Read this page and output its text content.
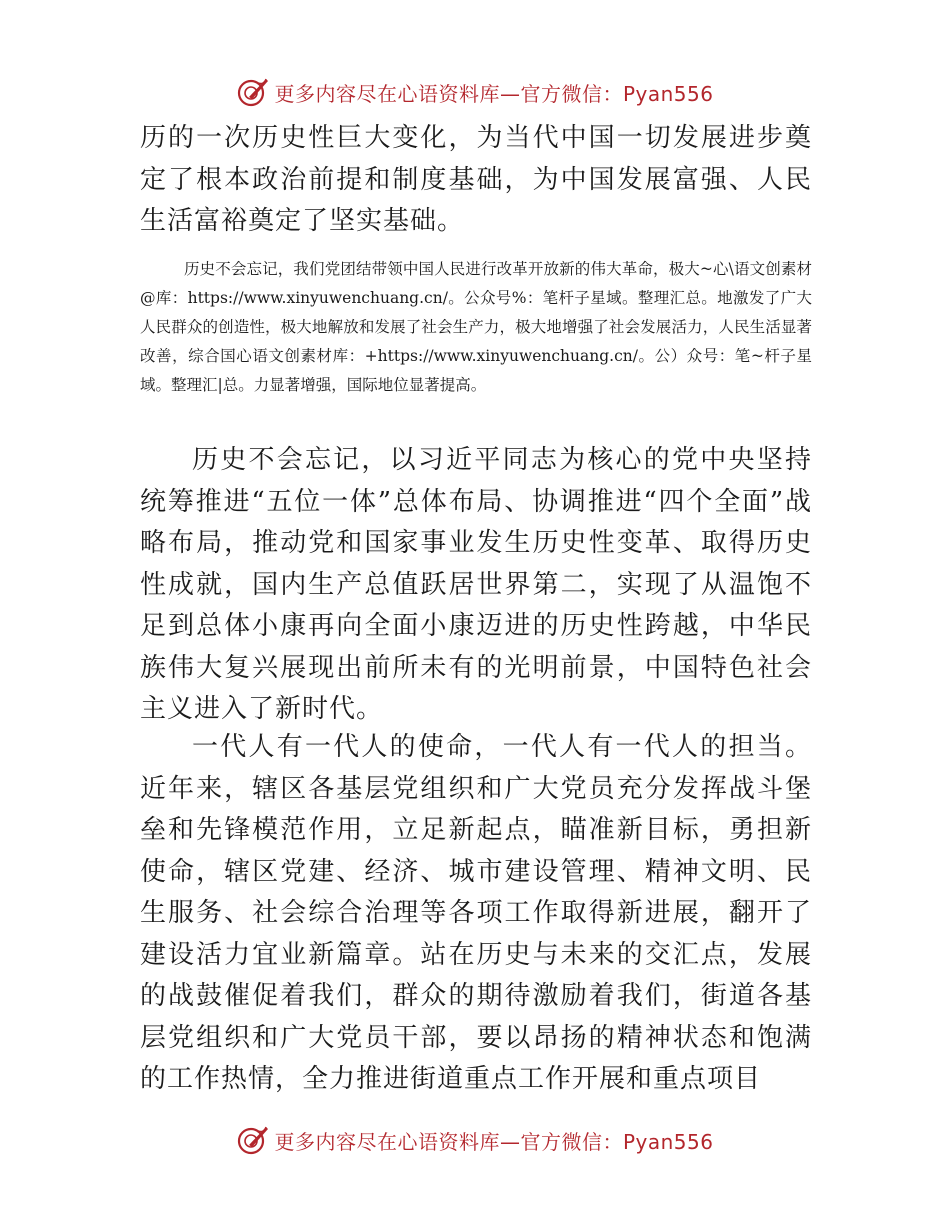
更多内容尽在心语资料库—官方微信：Pyan556

历的一次历史性巨大变化，为当代中国一切发展进步奠定了根本政治前提和制度基础，为中国发展富强、人民生活富裕奠定了坚实基础。

历史不会忘记，我们党团结带领中国人民进行改革开放新的伟大革命，极大~心\语文创素材@库：https://www.xinyuwenchuang.cn/。公众号%：笔杆子星域。整理汇总。地激发了广大人民群众的创造性，极大地解放和发展了社会生产力，极大地增强了社会发展活力，人民生活显著改善，综合国心语文创素材库：+https://www.xinyuwenchuang.cn/。公）众号：笔~杆子星域。整理汇|总。力显著增强，国际地位显著提高。

历史不会忘记，以习近平同志为核心的党中央坚持统筹推进“五位一体”总体布局、协调推进“四个全面”战略布局，推动党和国家事业发生历史性变革、取得历史性成就，国内生产总值跃居世界第二，实现了从温饱不足到总体小康再向全面小康迈进的历史性跨越，中华民族伟大复兴展现出前所未有的光明前景，中国特色社会主义进入了新时代。

一代人有一代人的使命，一代人有一代人的担当。近年来，辖区各基层党组织和广大党员充分发挥战斗堡垒和先锋模范作用，立足新起点，瞄准新目标，勇担新使命，辖区党建、经济、城市建设管理、精神文明、民生服务、社会综合治理等各项工作取得新进展，翻开了建设活力宜业新篇章。站在历史与未来的交汇点，发展的战鼓催促着我们，群众的期待激励着我们，街道各基层党组织和广大党员干部，要以昂扬的精神状态和饱满的工作热情，全力推进街道重点工作开展和重点项目

更多内容尽在心语资料库—官方微信：Pyan556
